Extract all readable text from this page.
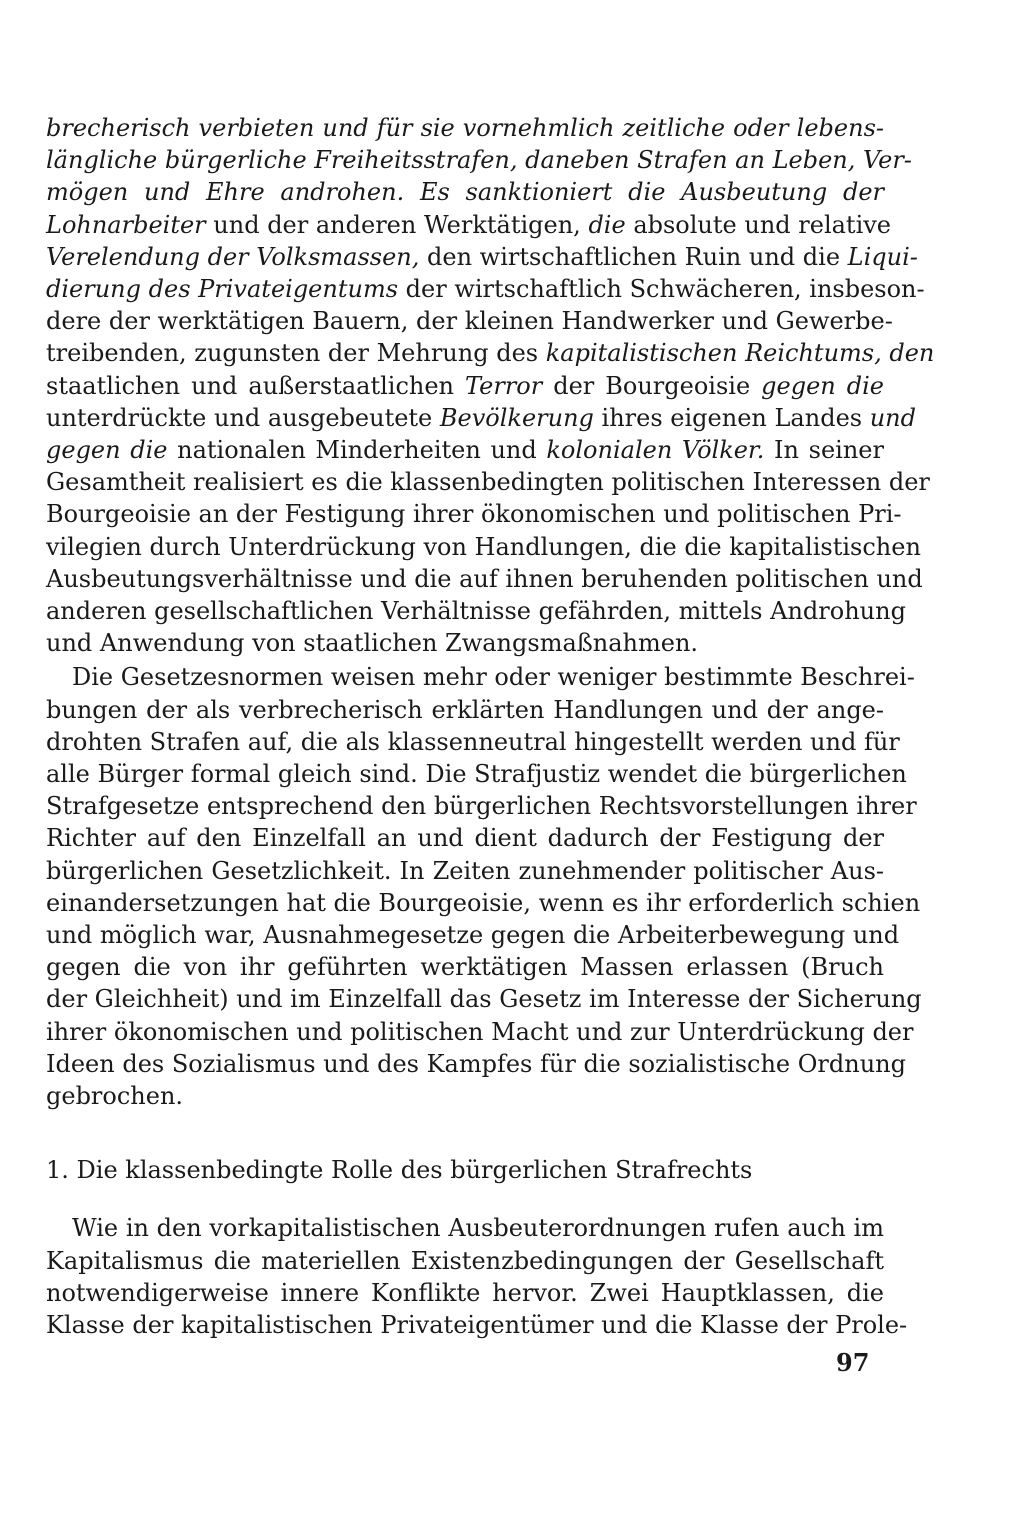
brecherisch verbieten und für sie vornehmlich zeitliche oder lebens-
längliche bürgerliche Freiheitsstrafen, daneben Strafen an Leben, Ver-
mögen und Ehre androhen. Es sanktioniert die Ausbeutung der
Lohnarbeiter und der anderen Werktätigen, die absolute und relative
Verelendung der Volksmassen, den wirtschaftlichen Ruin und die Liqui-
dierung des Privateigentums der wirtschaftlich Schwächeren, insbeson-
dere der werktätigen Bauern, der kleinen Handwerker und Gewerbe-
treibenden, zugunsten der Mehrung des kapitalistischen Reichtums, den
staatlichen und außerstaatlichen Terror der Bourgeoisie gegen die
unterdrückte und ausgebeutete Bevölkerung ihres eigenen Landes und
gegen die nationalen Minderheiten und kolonialen Völker. In seiner
Gesamtheit realisiert es die klassenbedingten politischen Interessen der
Bourgeoisie an der Festigung ihrer ökonomischen und politischen Pri-
vilegien durch Unterdrückung von Handlungen, die die kapitalistischen
Ausbeutungsverhältnisse und die auf ihnen beruhenden politischen und
anderen gesellschaftlichen Verhältnisse gefährden, mittels Androhung
und Anwendung von staatlichen Zwangsmaßnahmen.
Die Gesetzesnormen weisen mehr oder weniger bestimmte Beschrei-
bungen der als verbrecherisch erklärten Handlungen und der ange-
drohten Strafen auf, die als klassenneutral hingestellt werden und für
alle Bürger formal gleich sind. Die Strafjustiz wendet die bürgerlichen
Strafgesetze entsprechend den bürgerlichen Rechtsvorstellungen ihrer
Richter auf den Einzelfall an und dient dadurch der Festigung der
bürgerlichen Gesetzlichkeit. In Zeiten zunehmender politischer Aus-
einandersetzungen hat die Bourgeoisie, wenn es ihr erforderlich schien
und möglich war, Ausnahmegesetze gegen die Arbeiterbewegung und
gegen die von ihr geführten werktätigen Massen erlassen (Bruch
der Gleichheit) und im Einzelfall das Gesetz im Interesse der Sicherung
ihrer ökonomischen und politischen Macht und zur Unterdrückung der
Ideen des Sozialismus und des Kampfes für die sozialistische Ordnung
gebrochen.
1. Die klassenbedingte Rolle des bürgerlichen Strafrechts
Wie in den vorkapitalistischen Ausbeuterordnungen rufen auch im
Kapitalismus die materiellen Existenzbedingungen der Gesellschaft
notwendigerweise innere Konflikte hervor. Zwei Hauptklassen, die
Klasse der kapitalistischen Privateigentümer und die Klasse der Prole-
97
